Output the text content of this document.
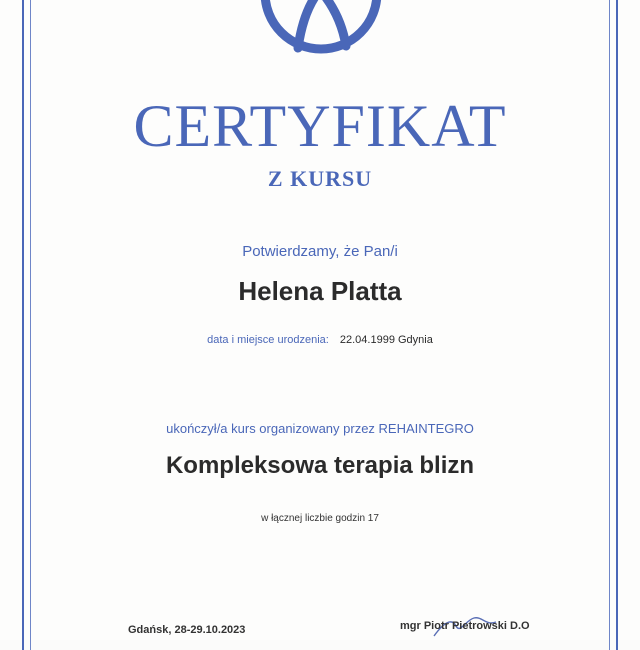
CERTYFIKAT
Z KURSU
Potwierdzamy, że Pan/i
Helena Platta
data i miejsce urodzenia: 22.04.1999 Gdynia
ukończył/a kurs organizowany przez REHAINTEGRO
Kompleksowa terapia blizn
w łącznej liczbie godzin 17
Gdańsk, 28-29.10.2023	mgr Piotr Pietrowski D.O
